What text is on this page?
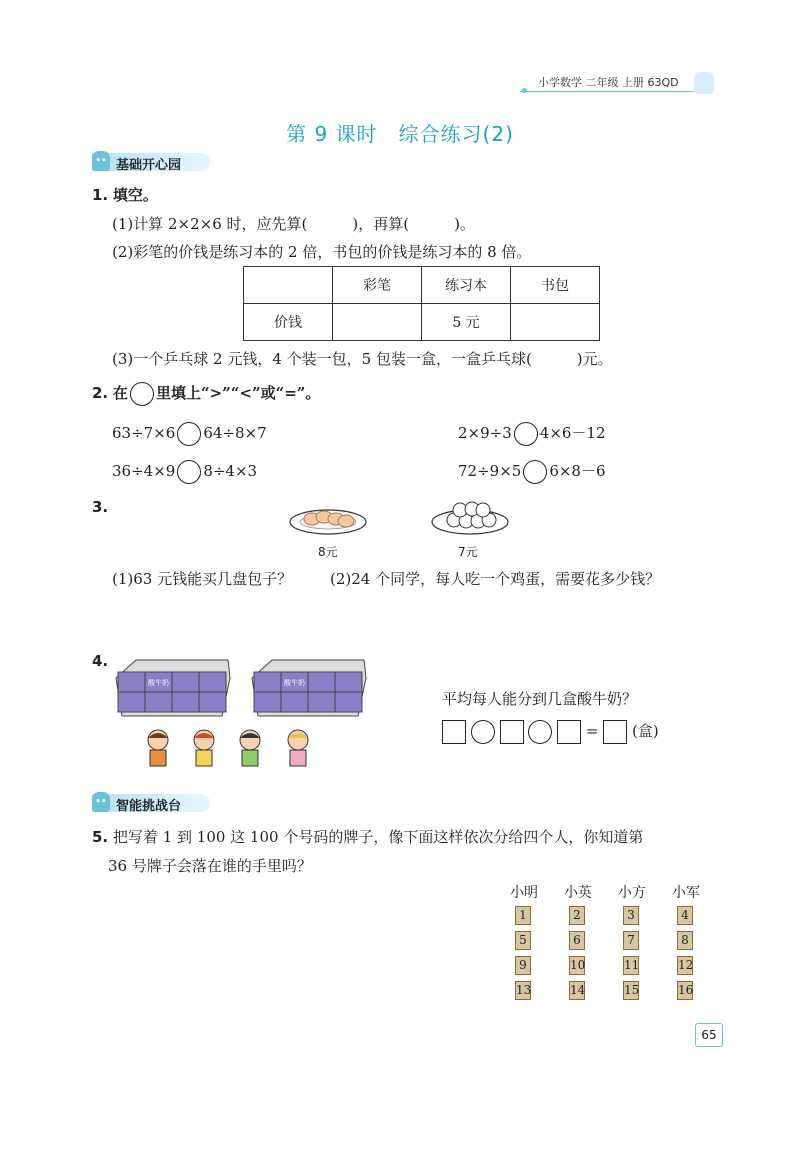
小学数学 二年级 上册 63QD
第 9 课时　综合练习(2)
•• 基础开心园
1. 填空。
(1)计算 2×2×6 时，应先算(　　　)，再算(　　　)。
(2)彩笔的价钱是练习本的 2 倍，书包的价钱是练习本的 8 倍。
	彩笔	练习本	书包
价钱		5 元	
(3)一个乒乓球 2 元钱，4 个装一包，5 包装一盒，一盒乒乓球(　　　)元。
2. 在 里填上“>”“<”或“=”。
63÷7×6 64÷8×7	2×9÷3 4×6－12
36÷4×9 8÷4×3	72÷9×5 6×8－6
3.
8元	7元
(1)63 元钱能买几盘包子？	(2)24 个同学，每人吃一个鸡蛋，需要花多少钱？
4.
酸牛奶	酸牛奶
平均每人能分到几盒酸牛奶？
= (盒)
•• 智能挑战台
5. 把写着 1 到 100 这 100 个号码的牌子，像下面这样依次分给四个人，你知道第
36 号牌子会落在谁的手里吗？
小明	小英	小方	小军
1	2	3	4
5	6	7	8
9	10	11	12
13	14	15	16
65
